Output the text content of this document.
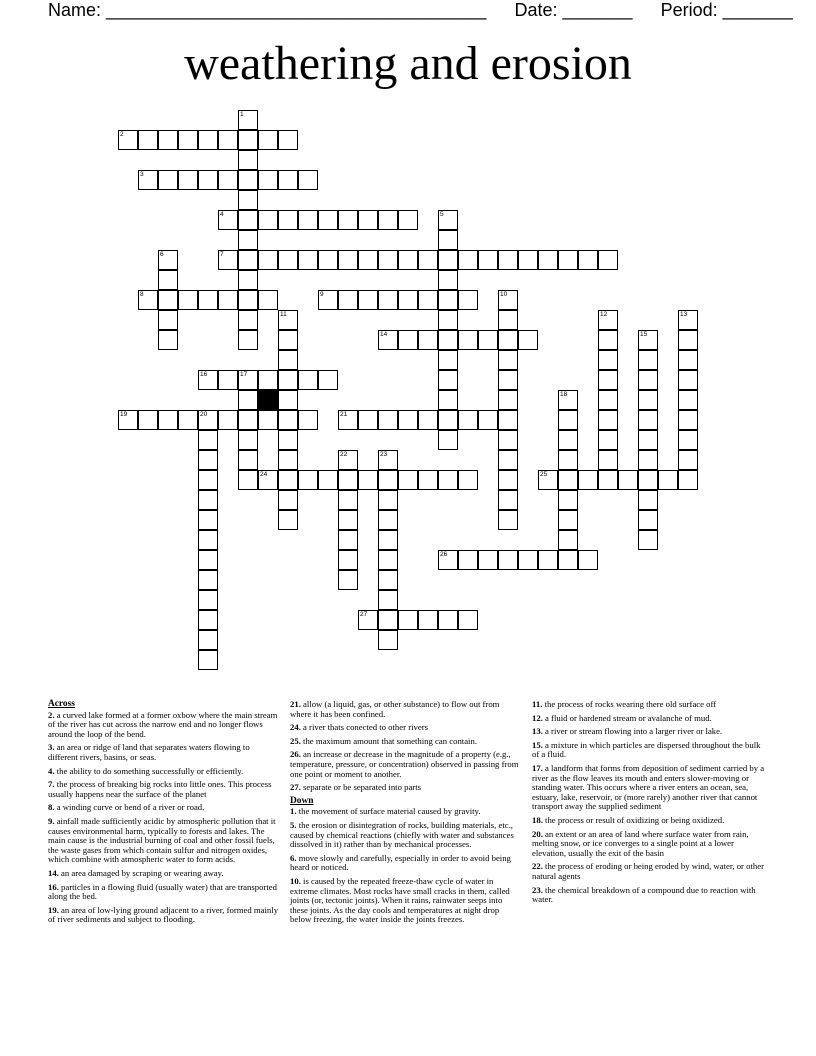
Name: ______________________________________ Date: _______ Period: _______
weathering and erosion
2
3
4
7
8	9
14
16
19	21
24	25
26
27
1
5
6
10
11	12	13
15
17
18
20
22	23
Across
2. a curved lake formed at a former oxbow where the main stream of the river has cut across the narrow end and no longer flows around the loop of the bend.
3. an area or ridge of land that separates waters flowing to different rivers, basins, or seas.
4. the ability to do something successfully or efficiently.
7. the process of breaking big rocks into little ones. This process usually happens near the surface of the planet
8. a winding curve or bend of a river or road.
9. ainfall made sufficiently acidic by atmospheric pollution that it causes environmental harm, typically to forests and lakes. The main cause is the industrial burning of coal and other fossil fuels, the waste gases from which contain sulfur and nitrogen oxides, which combine with atmospheric water to form acids.
14. an area damaged by scraping or wearing away.
16. particles in a flowing fluid (usually water) that are transported along the bed.
19. an area of low-lying ground adjacent to a river, formed mainly of river sediments and subject to flooding.
21. allow (a liquid, gas, or other substance) to flow out from where it has been confined.
24. a river thats conected to other rivers
25. the maximum amount that something can contain.
26. an increase or decrease in the magnitude of a property (e.g., temperature, pressure, or concentration) observed in passing from one point or moment to another.
27. separate or be separated into parts
Down
1. the movement of surface material caused by gravity.
5. the erosion or disintegration of rocks, building materials, etc., caused by chemical reactions (chiefly with water and substances dissolved in it) rather than by mechanical processes.
6. move slowly and carefully, especially in order to avoid being heard or noticed.
10. is caused by the repeated freeze-thaw cycle of water in extreme climates. Most rocks have small cracks in them, called joints (or, tectonic joints). When it rains, rainwater seeps into these joints. As the day cools and temperatures at night drop below freezing, the water inside the joints freezes.
11. the process of rocks wearing there old surface off
12. a fluid or hardened stream or avalanche of mud.
13. a river or stream flowing into a larger river or lake.
15. a mixture in which particles are dispersed throughout the bulk of a fluid.
17. a landform that forms from deposition of sediment carried by a river as the flow leaves its mouth and enters slower-moving or standing water. This occurs where a river enters an ocean, sea, estuary, lake, reservoir, or (more rarely) another river that cannot transport away the supplied sediment
18. the process or result of oxidizing or being oxidized.
20. an extent or an area of land where surface water from rain, melting snow, or ice converges to a single point at a lower elevation, usually the exit of the basin
22. the process of eroding or being eroded by wind, water, or other natural agents
23. the chemical breakdown of a compound due to reaction with water.
